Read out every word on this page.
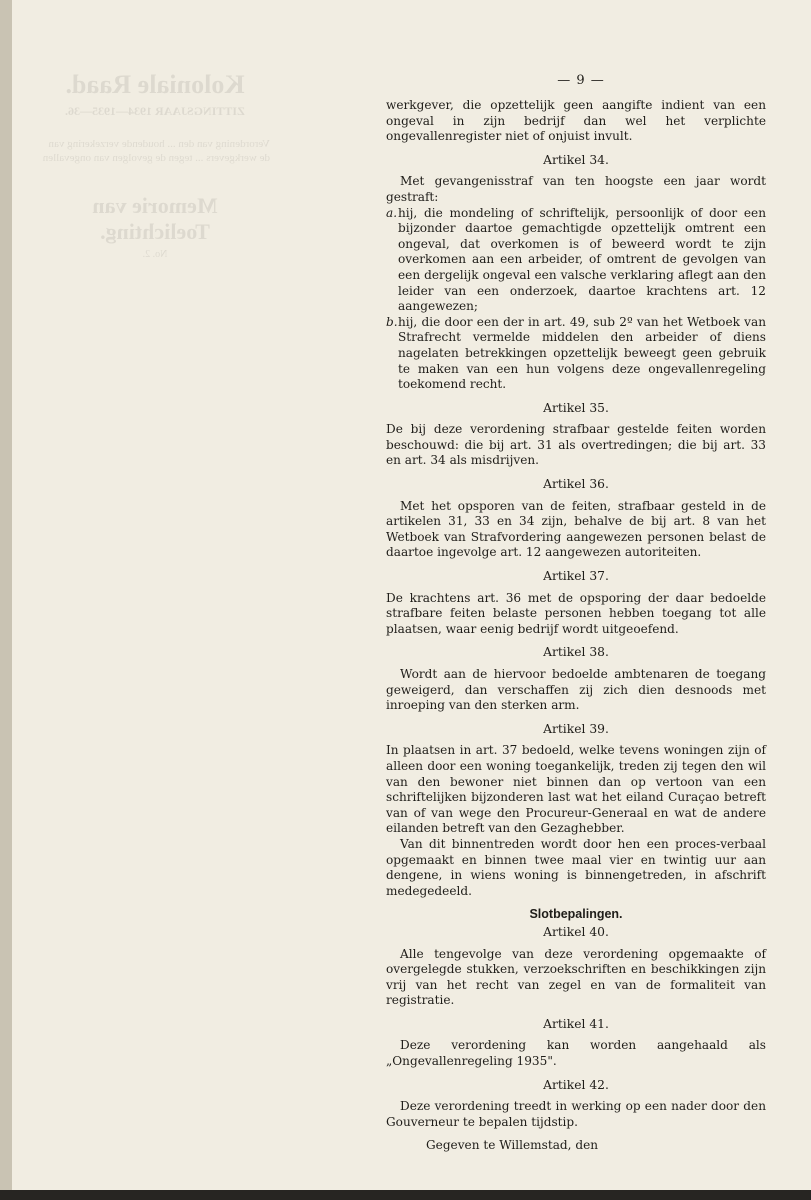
Koloniale Raad.
ZITTINGSJAAR 1934—1935—36.
Verordening van den ... houdende verzekering van de werkgevers ... tegen de gevolgen van ongevallen
Memorie van Toelichting.
No. 2.
— 9 —

werkgever, die opzettelijk geen aangifte indient van een ongeval in zijn bedrijf dan wel het verplichte ongevallenregister niet of onjuist invult.

Artikel 34.

Met gevangenisstraf van ten hoogste een jaar wordt gestraft:

a. hij, die mondeling of schriftelijk, persoonlijk of door een bijzonder daartoe gemachtigde opzettelijk omtrent een ongeval, dat overkomen is of beweerd wordt te zijn overkomen aan een arbeider, of omtrent de gevolgen van een dergelijk ongeval een valsche verklaring aflegt aan den leider van een onderzoek, daartoe krachtens art. 12 aangewezen;
b. hij, die door een der in art. 49, sub 2º van het Wetboek van Strafrecht vermelde middelen den arbeider of diens nagelaten betrekkingen opzettelijk beweegt geen gebruik te maken van een hun volgens deze ongevallenregeling toekomend recht.

Artikel 35.

De bij deze verordening strafbaar gestelde feiten worden beschouwd: die bij art. 31 als overtredingen; die bij art. 33 en art. 34 als misdrijven.

Artikel 36.

Met het opsporen van de feiten, strafbaar gesteld in de artikelen 31, 33 en 34 zijn, behalve de bij art. 8 van het Wetboek van Strafvordering aangewezen personen belast de daartoe ingevolge art. 12 aangewezen autoriteiten.

Artikel 37.

De krachtens art. 36 met de opsporing der daar bedoelde strafbare feiten belaste personen hebben toegang tot alle plaatsen, waar eenig bedrijf wordt uitgeoefend.

Artikel 38.

Wordt aan de hiervoor bedoelde ambtenaren de toegang geweigerd, dan verschaffen zij zich dien desnoods met inroeping van den sterken arm.

Artikel 39.

In plaatsen in art. 37 bedoeld, welke tevens woningen zijn of alleen door een woning toegankelijk, treden zij tegen den wil van den bewoner niet binnen dan op vertoon van een schriftelijken bijzonderen last wat het eiland Curaçao betreft van of van wege den Procureur-Generaal en wat de andere eilanden betreft van den Gezaghebber.

Van dit binnentreden wordt door hen een proces-verbaal opgemaakt en binnen twee maal vier en twintig uur aan dengene, in wiens woning is binnengetreden, in afschrift medegedeeld.

Slotbepalingen.

Artikel 40.

Alle tengevolge van deze verordening opgemaakte of overgelegde stukken, verzoekschriften en beschikkingen zijn vrij van het recht van zegel en van de formaliteit van registratie.

Artikel 41.

Deze verordening kan worden aangehaald als „Ongevallenregeling 1935".

Artikel 42.

Deze verordening treedt in werking op een nader door den Gouverneur te bepalen tijdstip.

Gegeven te Willemstad, den
